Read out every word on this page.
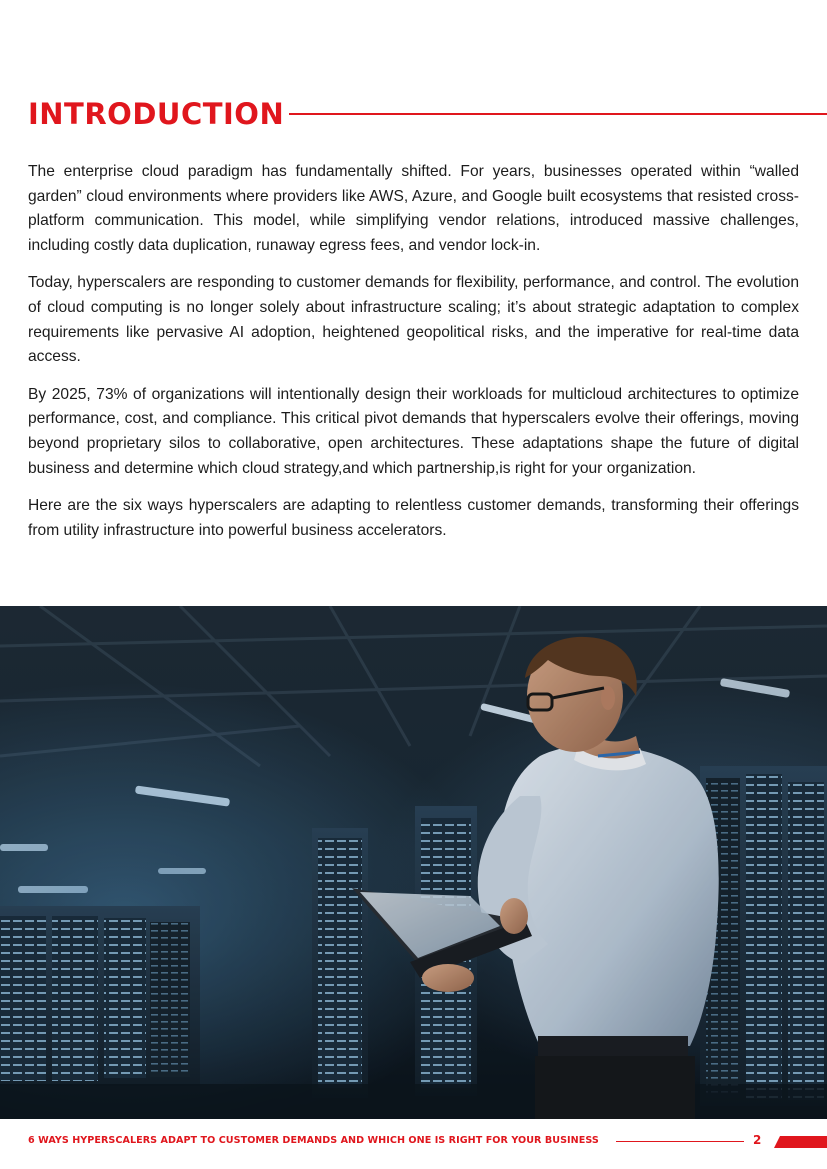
INTRODUCTION

The enterprise cloud paradigm has fundamentally shifted. For years, businesses operated within “walled garden” cloud environments where providers like AWS, Azure, and Google built ecosystems that resisted cross-platform communication. This model, while simplifying vendor relations, introduced massive challenges, including costly data duplication, runaway egress fees, and vendor lock-in.

Today, hyperscalers are responding to customer demands for flexibility, performance, and control. The evolution of cloud computing is no longer solely about infrastructure scaling; it’s about strategic adaptation to complex requirements like pervasive AI adoption, heightened geopolitical risks, and the imperative for real-time data access.

By 2025, 73% of organizations will intentionally design their workloads for multicloud architectures to optimize performance, cost, and compliance. This critical pivot demands that hyperscalers evolve their offerings, moving beyond proprietary silos to collaborative, open architectures. These adaptations shape the future of digital business and determine which cloud strategy,and which partnership,is right for your organization.

Here are the six ways hyperscalers are adapting to relentless customer demands, transforming their offerings from utility infrastructure into powerful business accelerators.

6 WAYS HYPERSCALERS ADAPT TO CUSTOMER DEMANDS AND WHICH ONE IS RIGHT FOR YOUR BUSINESS	2
